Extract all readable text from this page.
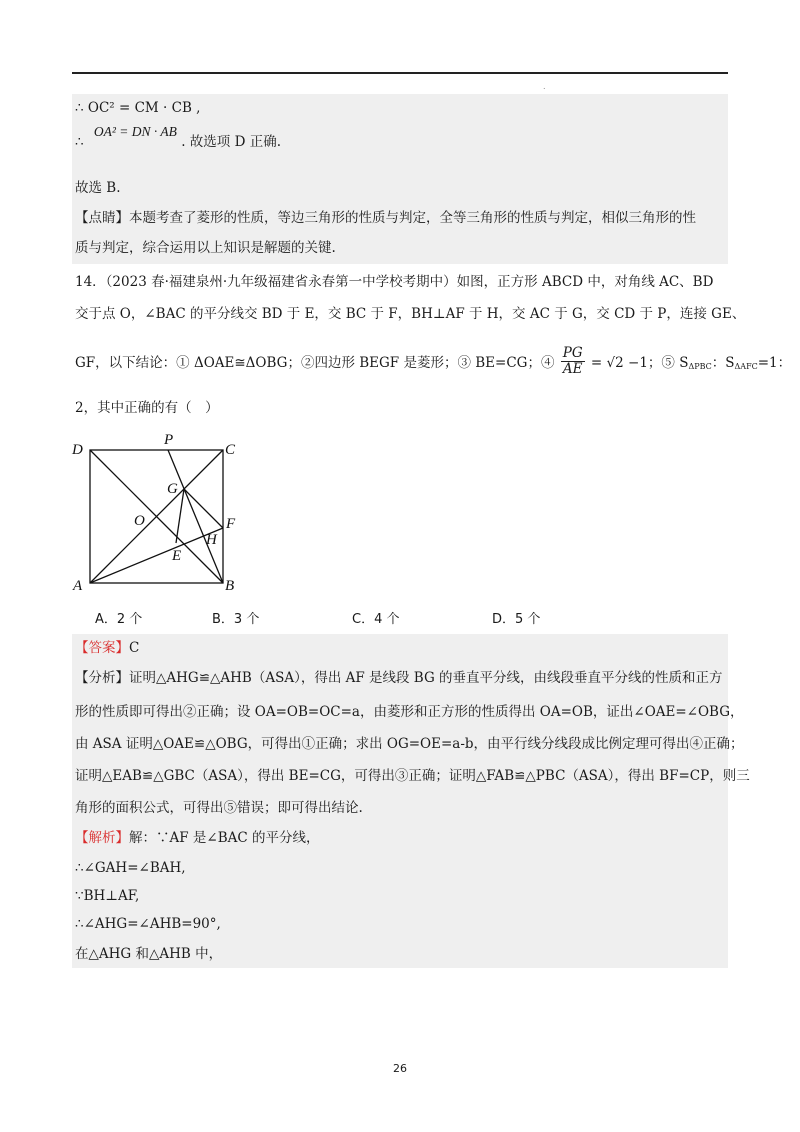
.
∴ OC² = CM · CB ,
∴ OA² = DN · AB . 故选项 D 正确.
故选 B.
【点睛】本题考查了菱形的性质，等边三角形的性质与判定，全等三角形的性质与判定，相似三角形的性
质与判定，综合运用以上知识是解题的关键.
14．（2023 春·福建泉州·九年级福建省永春第一中学校考期中）如图，正方形 ABCD 中，对角线 AC、BD
交于点 O，∠BAC 的平分线交 BD 于 E，交 BC 于 F，BH⊥AF 于 H，交 AC 于 G，交 CD 于 P，连接 GE、
GF，以下结论：① ΔOAE≅ΔOBG；②四边形 BEGF 是菱形；③ BE=CG；④ $\frac{PG}{AE} = √2 -1$；⑤ $S_{\Delta PBC}$：$S_{\Delta AFC}=1$：
2，其中正确的有（　）
D
P
C
G
O	F
H
E
A	B
A．2 个	B．3 个	C．4 个	D．5 个
【答案】C
【分析】证明△AHG≌△AHB（ASA），得出 AF 是线段 BG 的垂直平分线，由线段垂直平分线的性质和正方
形的性质即可得出②正确；设 OA=OB=OC=a，由菱形和正方形的性质得出 OA=OB，证出∠OAE=∠OBG，
由 ASA 证明△OAE≌△OBG，可得出①正确；求出 OG=OE=a-b，由平行线分线段成比例定理可得出④正确；
证明△EAB≌△GBC（ASA），得出 BE=CG，可得出③正确；证明△FAB≌△PBC（ASA），得出 BF=CP，则三
角形的面积公式，可得出⑤错误；即可得出结论.
【解析】解：∵AF 是∠BAC 的平分线，
∴∠GAH=∠BAH,
∵BH⊥AF,
∴∠AHG=∠AHB=90°,
在△AHG 和△AHB 中，
26
